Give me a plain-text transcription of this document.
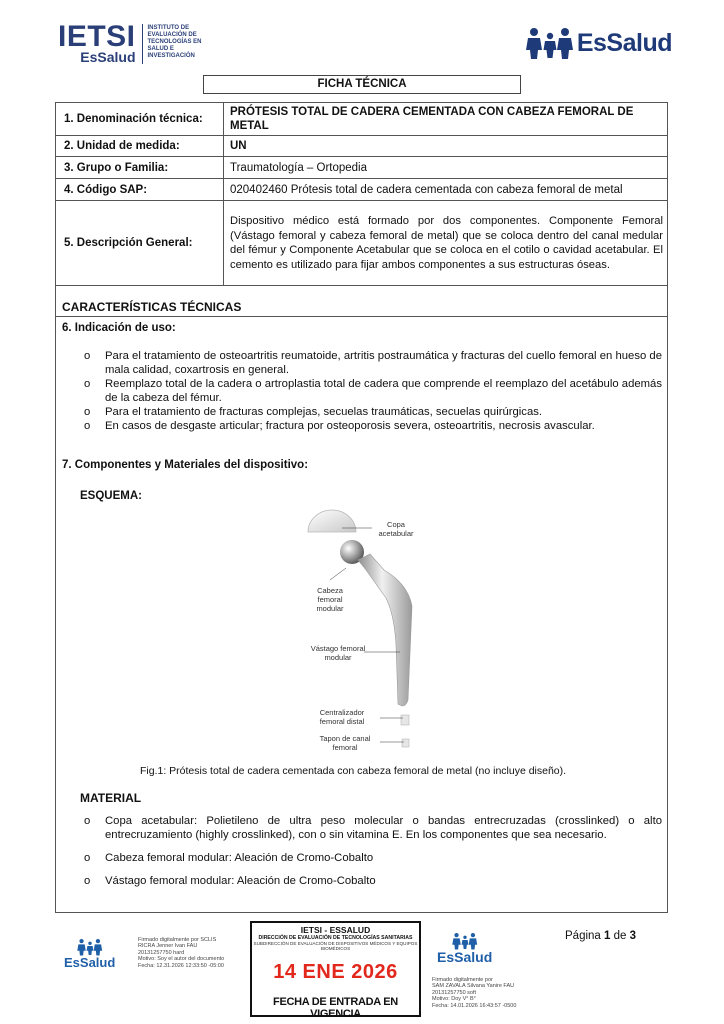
IETSI
EsSalud
INSTITUTO DE EVALUACIÓN DE TECNOLOGÍAS EN SALUD E INVESTIGACIÓN	EsSalud
FICHA TÉCNICA
1. Denominación técnica:	PRÓTESIS TOTAL DE CADERA CEMENTADA CON CABEZA FEMORAL DE METAL
2. Unidad de medida:	UN
3. Grupo o Familia:	Traumatología – Ortopedia
4. Código SAP:	020402460 Prótesis total de cadera cementada con cabeza femoral de metal
5. Descripción General:	Dispositivo médico está formado por dos componentes. Componente Femoral (Vástago femoral y cabeza femoral de metal) que se coloca dentro del canal medular del fémur y Componente Acetabular que se coloca en el cotilo o cavidad acetabular. El cemento es utilizado para fijar ambos componentes a sus estructuras óseas.
CARACTERÍSTICAS TÉCNICAS
6. Indicación de uso:
o Para el tratamiento de osteoartritis reumatoide, artritis postraumática y fracturas del cuello femoral en hueso de mala calidad, coxartrosis en general.
o Reemplazo total de la cadera o artroplastia total de cadera que comprende el reemplazo del acetábulo además de la cabeza del fémur.
o Para el tratamiento de fracturas complejas, secuelas traumáticas, secuelas quirúrgicas.
o En casos de desgaste articular; fractura por osteoporosis severa, osteoartritis, necrosis avascular.
7. Componentes y Materiales del dispositivo:
ESQUEMA:
Copa acetabular
Cabeza femoral modular
Vástago femoral modular
Centralizador femoral distal
Tapon de canal femoral
Fig.1: Prótesis total de cadera cementada con cabeza femoral de metal (no incluye diseño).
MATERIAL
o Copa acetabular: Polietileno de ultra peso molecular o bandas entrecruzadas (crosslinked) o alto entrecruzamiento (highly crosslinked), con o sin vitamina E. En los componentes que sea necesario.
o Cabeza femoral modular: Aleación de Cromo-Cobalto
o Vástago femoral modular: Aleación de Cromo-Cobalto
EsSalud
Firmado digitalmente por SCLIS
RICRA Jenner Ivan FAU
20131257750 hard
Motivo: Soy el autor del documento
Fecha: 12.31.2026 12:33:50 -05:00
IETSI - ESSALUD
DIRECCIÓN DE EVALUACIÓN DE TECNOLOGÍAS SANITARIAS
SUBDIRECCIÓN DE EVALUACIÓN DE DISPOSITIVOS MÉDICOS Y EQUIPOS BIOMÉDICOS
14 ENE 2026
FECHA DE ENTRADA EN VIGENCIA
EsSalud
Firmado digitalmente por
SAM ZAVALA Silvana Yanire FAU
20131257750 soft
Motivo: Doy V° B°
Fecha: 14.01.2026 16:43:57 -0500
Página 1 de 3
